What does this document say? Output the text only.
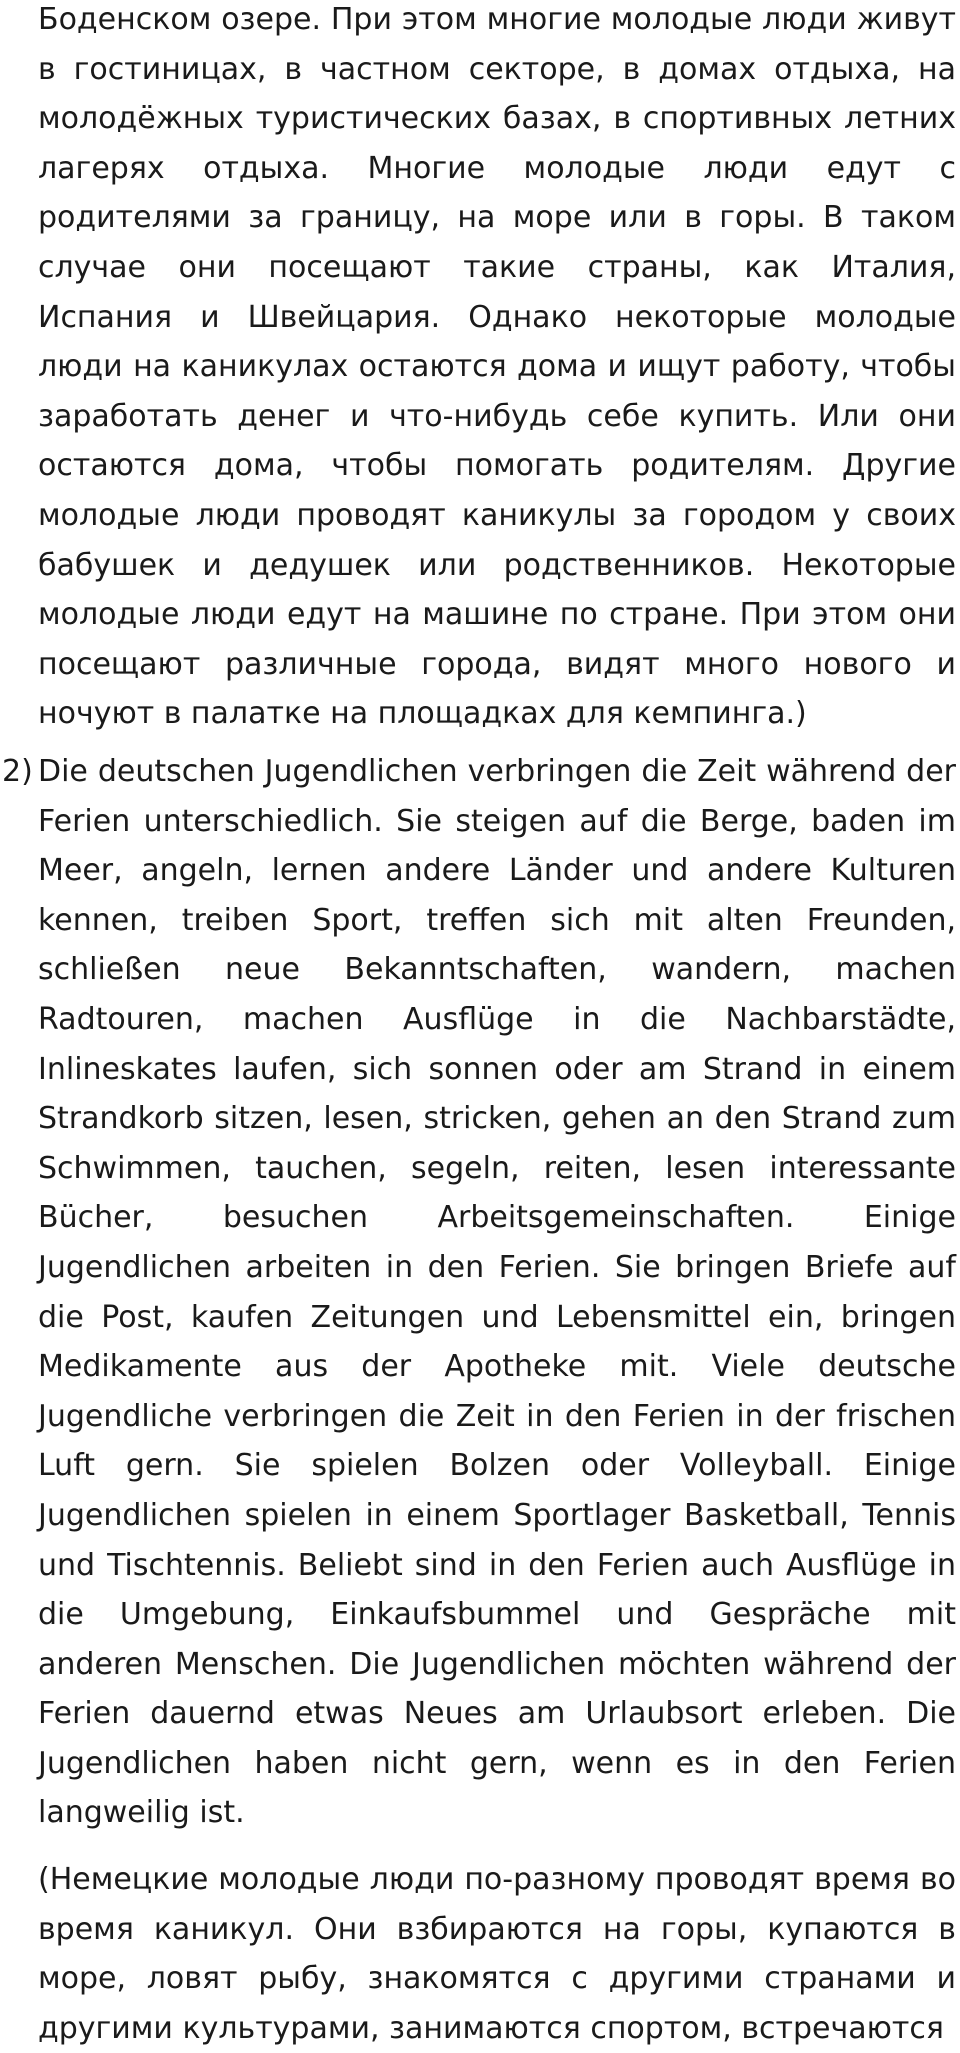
Боденском озере. При этом многие молодые люди живут в гостиницах, в частном секторе, в домах отдыха, на молодёжных туристических базах, в спортивных летних лагерях отдыха. Многие молодые люди едут с родителями за границу, на море или в горы. В таком случае они посещают такие страны, как Италия, Испания и Швейцария. Однако некоторые молодые люди на каникулах остаются дома и ищут работу, чтобы заработать денег и что-нибудь себе купить. Или они остаются дома, чтобы помогать родителям. Другие молодые люди проводят каникулы за городом у своих бабушек и дедушек или родственников. Некоторые молодые люди едут на машине по стране. При этом они посещают различные города, видят много нового и ночуют в палатке на площадках для кемпинга.)

2) Die deutschen Jugendlichen verbringen die Zeit während der Ferien unterschiedlich. Sie steigen auf die Berge, baden im Meer, angeln, lernen andere Länder und andere Kulturen kennen, treiben Sport, treffen sich mit alten Freunden, schließen neue Bekanntschaften, wandern, machen Radtouren, machen Ausflüge in die Nachbarstädte, Inlineskates laufen, sich sonnen oder am Strand in einem Strandkorb sitzen, lesen, stricken, gehen an den Strand zum Schwimmen, tauchen, segeln, reiten, lesen interessante Bücher, besuchen Arbeitsgemeinschaften. Einige Jugendlichen arbeiten in den Ferien. Sie bringen Briefe auf die Post, kaufen Zeitungen und Lebensmittel ein, bringen Medikamente aus der Apotheke mit. Viele deutsche Jugendliche verbringen die Zeit in den Ferien in der frischen Luft gern. Sie spielen Bolzen oder Volleyball. Einige Jugendlichen spielen in einem Sportlager Basketball, Tennis und Tischtennis. Beliebt sind in den Ferien auch Ausflüge in die Umgebung, Einkaufsbummel und Gespräche mit anderen Menschen. Die Jugendlichen möchten während der Ferien dauernd etwas Neues am Urlaubsort erleben. Die Jugendlichen haben nicht gern, wenn es in den Ferien langweilig ist.

(Немецкие молодые люди по-разному проводят время во время каникул. Они взбираются на горы, купаются в море, ловят рыбу, знакомятся с другими странами и другими культурами, занимаются спортом, встречаются
